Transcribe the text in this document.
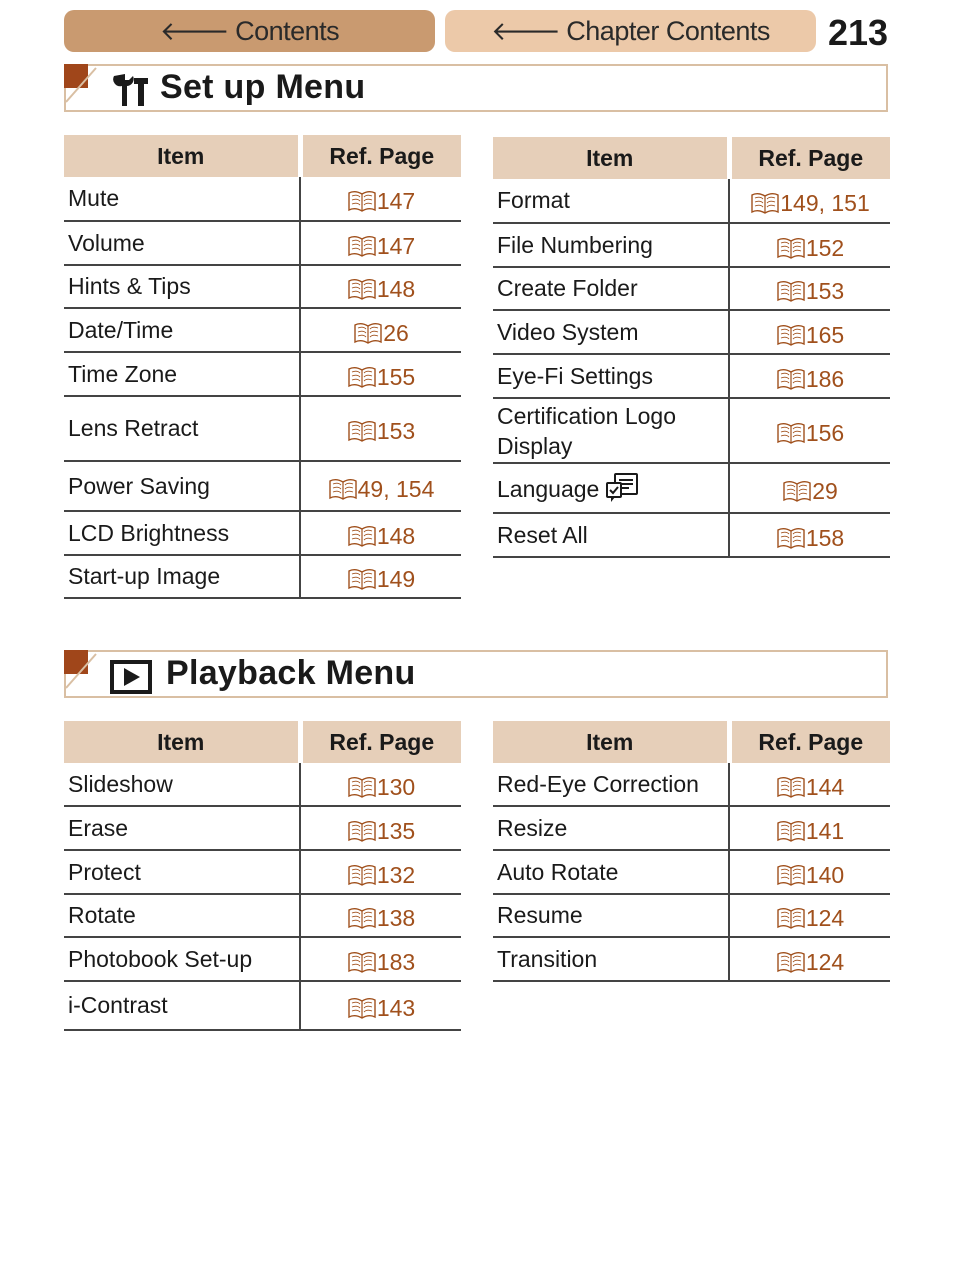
🡐 Contents	🡐 Chapter Contents 213
Set up Menu
Item	Ref. Page
Mute	147
Volume	147
Hints & Tips	148
Date/Time	26
Time Zone	155
Lens Retract	153
Power Saving	49, 154
LCD Brightness	148
Start-up Image	149
Item	Ref. Page
Format	149, 151
File Numbering	152
Create Folder	153
Video System	165
Eye-Fi Settings	186
Certification Logo Display	156
Language	29
Reset All	158
Playback Menu
Item	Ref. Page
Slideshow	130
Erase	135
Protect	132
Rotate	138
Photobook Set-up	183
i-Contrast	143
Item	Ref. Page
Red-Eye Correction	144
Resize	141
Auto Rotate	140
Resume	124
Transition	124
